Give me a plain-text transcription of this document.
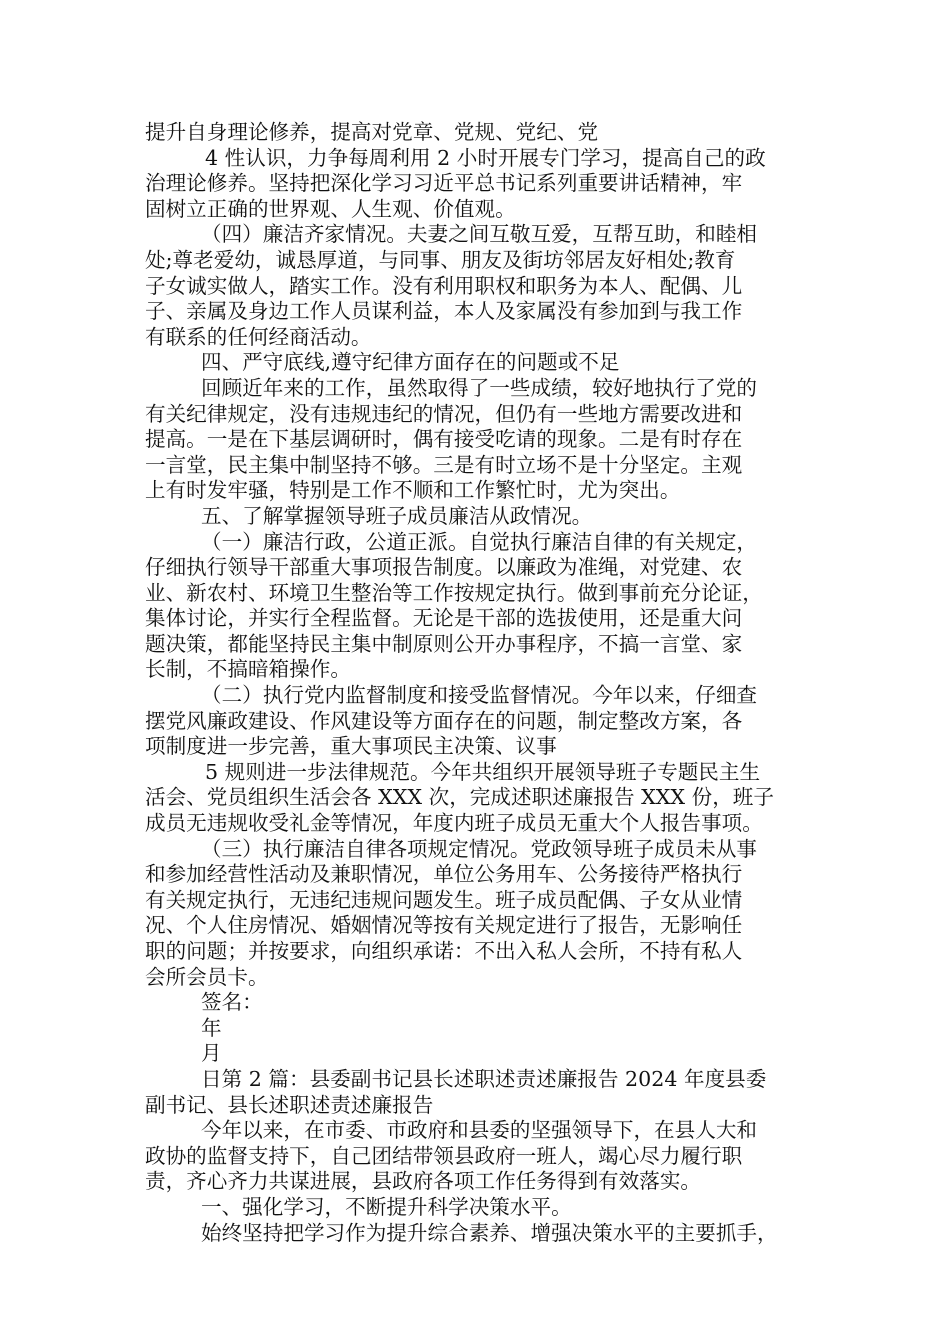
提升自身理论修养，提高对党章、党规、党纪、党
4 性认识，力争每周利用 2 小时开展专门学习，提高自己的政
治理论修养。坚持把深化学习习近平总书记系列重要讲话精神，牢
固树立正确的世界观、人生观、价值观。
（四）廉洁齐家情况。夫妻之间互敬互爱，互帮互助，和睦相
处;尊老爱幼，诚恳厚道，与同事、朋友及街坊邻居友好相处;教育
子女诚实做人，踏实工作。没有利用职权和职务为本人、配偶、儿
子、亲属及身边工作人员谋利益，本人及家属没有参加到与我工作
有联系的任何经商活动。
四、严守底线,遵守纪律方面存在的问题或不足
回顾近年来的工作，虽然取得了一些成绩，较好地执行了党的
有关纪律规定，没有违规违纪的情况，但仍有一些地方需要改进和
提高。一是在下基层调研时，偶有接受吃请的现象。二是有时存在
一言堂，民主集中制坚持不够。三是有时立场不是十分坚定。主观
上有时发牢骚，特别是工作不顺和工作繁忙时，尤为突出。
五、了解掌握领导班子成员廉洁从政情况。
（一）廉洁行政，公道正派。自觉执行廉洁自律的有关规定，
仔细执行领导干部重大事项报告制度。以廉政为准绳，对党建、农
业、新农村、环境卫生整治等工作按规定执行。做到事前充分论证，
集体讨论，并实行全程监督。无论是干部的选拔使用，还是重大问
题决策，都能坚持民主集中制原则公开办事程序，不搞一言堂、家
长制，不搞暗箱操作。
（二）执行党内监督制度和接受监督情况。今年以来，仔细查
摆党风廉政建设、作风建设等方面存在的问题，制定整改方案，各
项制度进一步完善，重大事项民主决策、议事
5 规则进一步法律规范。今年共组织开展领导班子专题民主生
活会、党员组织生活会各 XXX 次，完成述职述廉报告 XXX 份，班子
成员无违规收受礼金等情况，年度内班子成员无重大个人报告事项。
（三）执行廉洁自律各项规定情况。党政领导班子成员未从事
和参加经营性活动及兼职情况，单位公务用车、公务接待严格执行
有关规定执行，无违纪违规问题发生。班子成员配偶、子女从业情
况、个人住房情况、婚姻情况等按有关规定进行了报告，无影响任
职的问题；并按要求，向组织承诺：不出入私人会所，不持有私人
会所会员卡。
签名：
年
月
日第 2 篇：县委副书记县长述职述责述廉报告 2024 年度县委
副书记、县长述职述责述廉报告
今年以来，在市委、市政府和县委的坚强领导下，在县人大和
政协的监督支持下，自己团结带领县政府一班人，竭心尽力履行职
责，齐心齐力共谋进展，县政府各项工作任务得到有效落实。
一、强化学习，不断提升科学决策水平。
始终坚持把学习作为提升综合素养、增强决策水平的主要抓手，
